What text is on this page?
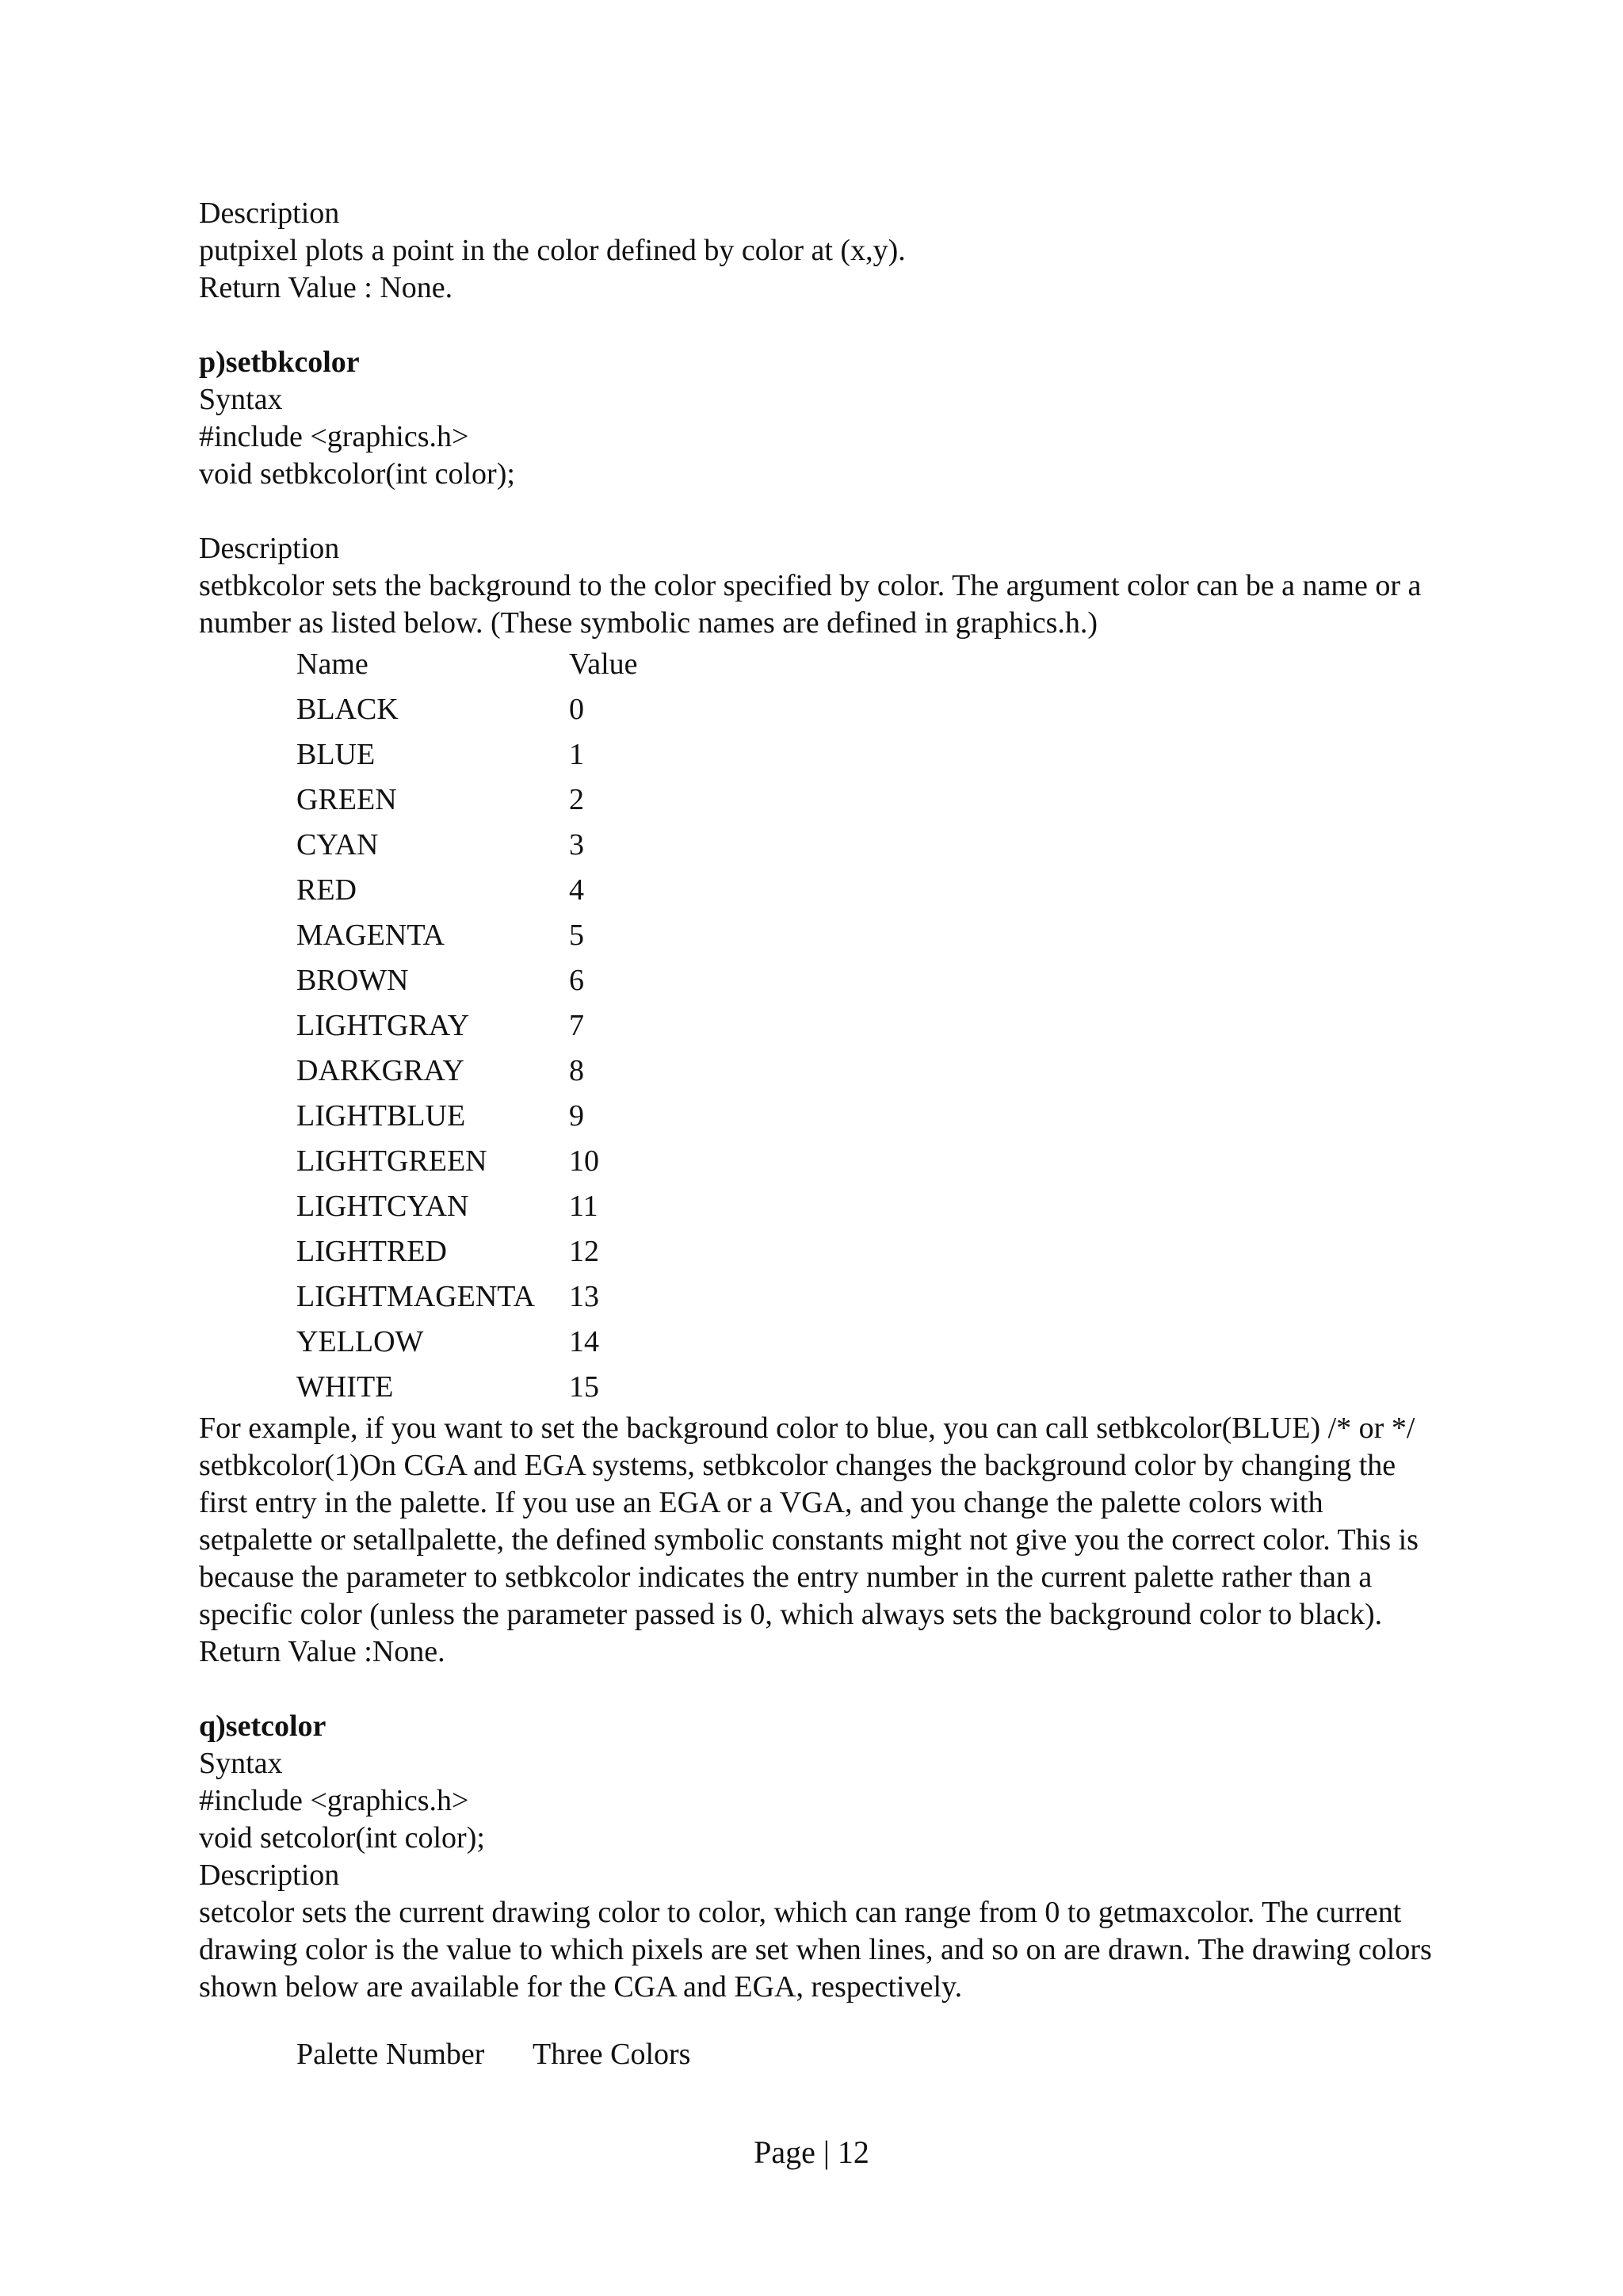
Description

putpixel plots a point in the color defined by color at (x,y).

Return Value : None.

p)setbkcolor

Syntax

#include <graphics.h>

void setbkcolor(int color);

Description

setbkcolor sets the background to the color specified by color. The argument color can be a name or a number as listed below. (These symbolic names are defined in graphics.h.)

Name	Value
BLACK	0
BLUE	1
GREEN	2
CYAN	3
RED	4
MAGENTA	5
BROWN	6
LIGHTGRAY	7
DARKGRAY	8
LIGHTBLUE	9
LIGHTGREEN	10
LIGHTCYAN	11
LIGHTRED	12
LIGHTMAGENTA	13
YELLOW	14
WHITE	15

For example, if you want to set the background color to blue, you can call setbkcolor(BLUE) /* or */ setbkcolor(1)On CGA and EGA systems, setbkcolor changes the background color by changing the first entry in the palette. If you use an EGA or a VGA, and you change the palette colors with setpalette or setallpalette, the defined symbolic constants might not give you the correct color. This is because the parameter to setbkcolor indicates the entry number in the current palette rather than a specific color (unless the parameter passed is 0, which always sets the background color to black).

Return Value :None.

q)setcolor

Syntax

#include <graphics.h>

void setcolor(int color);

Description

setcolor sets the current drawing color to color, which can range from 0 to getmaxcolor. The current drawing color is the value to which pixels are set when lines, and so on are drawn. The drawing colors shown below are available for the CGA and EGA, respectively.

Palette Number Three Colors

Page | 12
